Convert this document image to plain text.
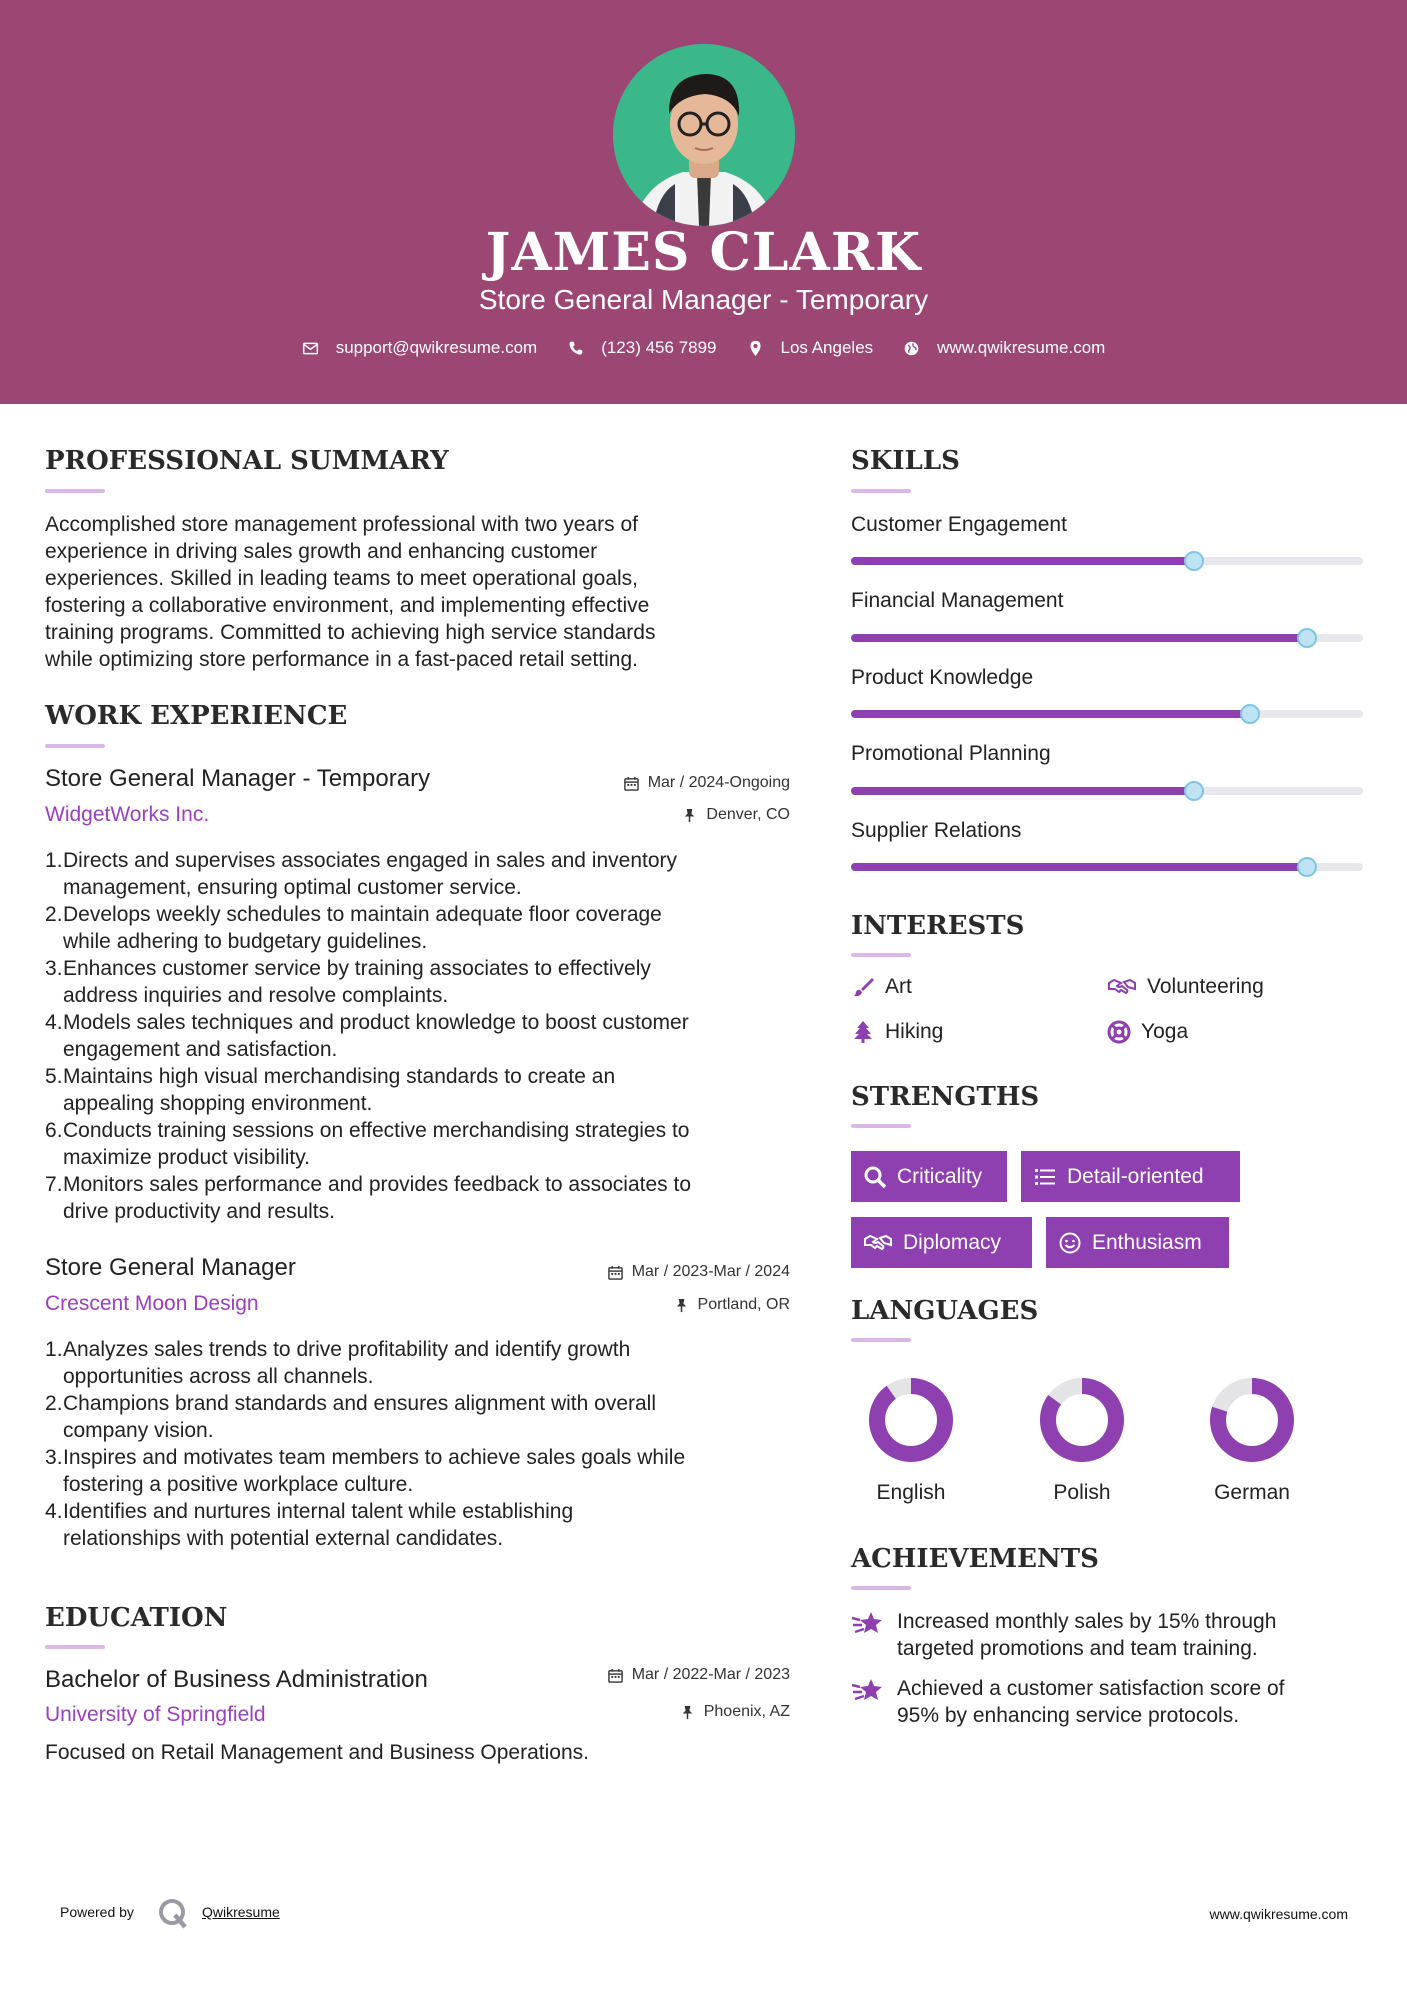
JAMES CLARK
Store General Manager - Temporary
support@qwikresume.com	(123) 456 7899	Los Angeles	www.qwikresume.com
PROFESSIONAL SUMMARY
Accomplished store management professional with two years of
experience in driving sales growth and enhancing customer
experiences. Skilled in leading teams to meet operational goals,
fostering a collaborative environment, and implementing effective
training programs. Committed to achieving high service standards
while optimizing store performance in a fast-paced retail setting.
WORK EXPERIENCE
Store General Manager - Temporary	Mar / 2024-Ongoing
WidgetWorks Inc.	Denver, CO
Directs and supervises associates engaged in sales and inventory
management, ensuring optimal customer service.
Develops weekly schedules to maintain adequate floor coverage
while adhering to budgetary guidelines.
Enhances customer service by training associates to effectively
address inquiries and resolve complaints.
Models sales techniques and product knowledge to boost customer
engagement and satisfaction.
Maintains high visual merchandising standards to create an
appealing shopping environment.
Conducts training sessions on effective merchandising strategies to
maximize product visibility.
Monitors sales performance and provides feedback to associates to
drive productivity and results.
Store General Manager	Mar / 2023-Mar / 2024
Crescent Moon Design	Portland, OR
Analyzes sales trends to drive profitability and identify growth
opportunities across all channels.
Champions brand standards and ensures alignment with overall
company vision.
Inspires and motivates team members to achieve sales goals while
fostering a positive workplace culture.
Identifies and nurtures internal talent while establishing
relationships with potential external candidates.
EDUCATION
Bachelor of Business Administration	Mar / 2022-Mar / 2023
University of Springfield	Phoenix, AZ
Focused on Retail Management and Business Operations.
SKILLS
Customer Engagement
Financial Management
Product Knowledge
Promotional Planning
Supplier Relations
INTERESTS
Art	Volunteering
Hiking	Yoga
STRENGTHS
Criticality	Detail-oriented
Diplomacy	Enthusiasm
LANGUAGES
English	Polish	German
ACHIEVEMENTS
Increased monthly sales by 15% through
targeted promotions and team training.
Achieved a customer satisfaction score of
95% by enhancing service protocols.
Powered by	Qwikresume	www.qwikresume.com
